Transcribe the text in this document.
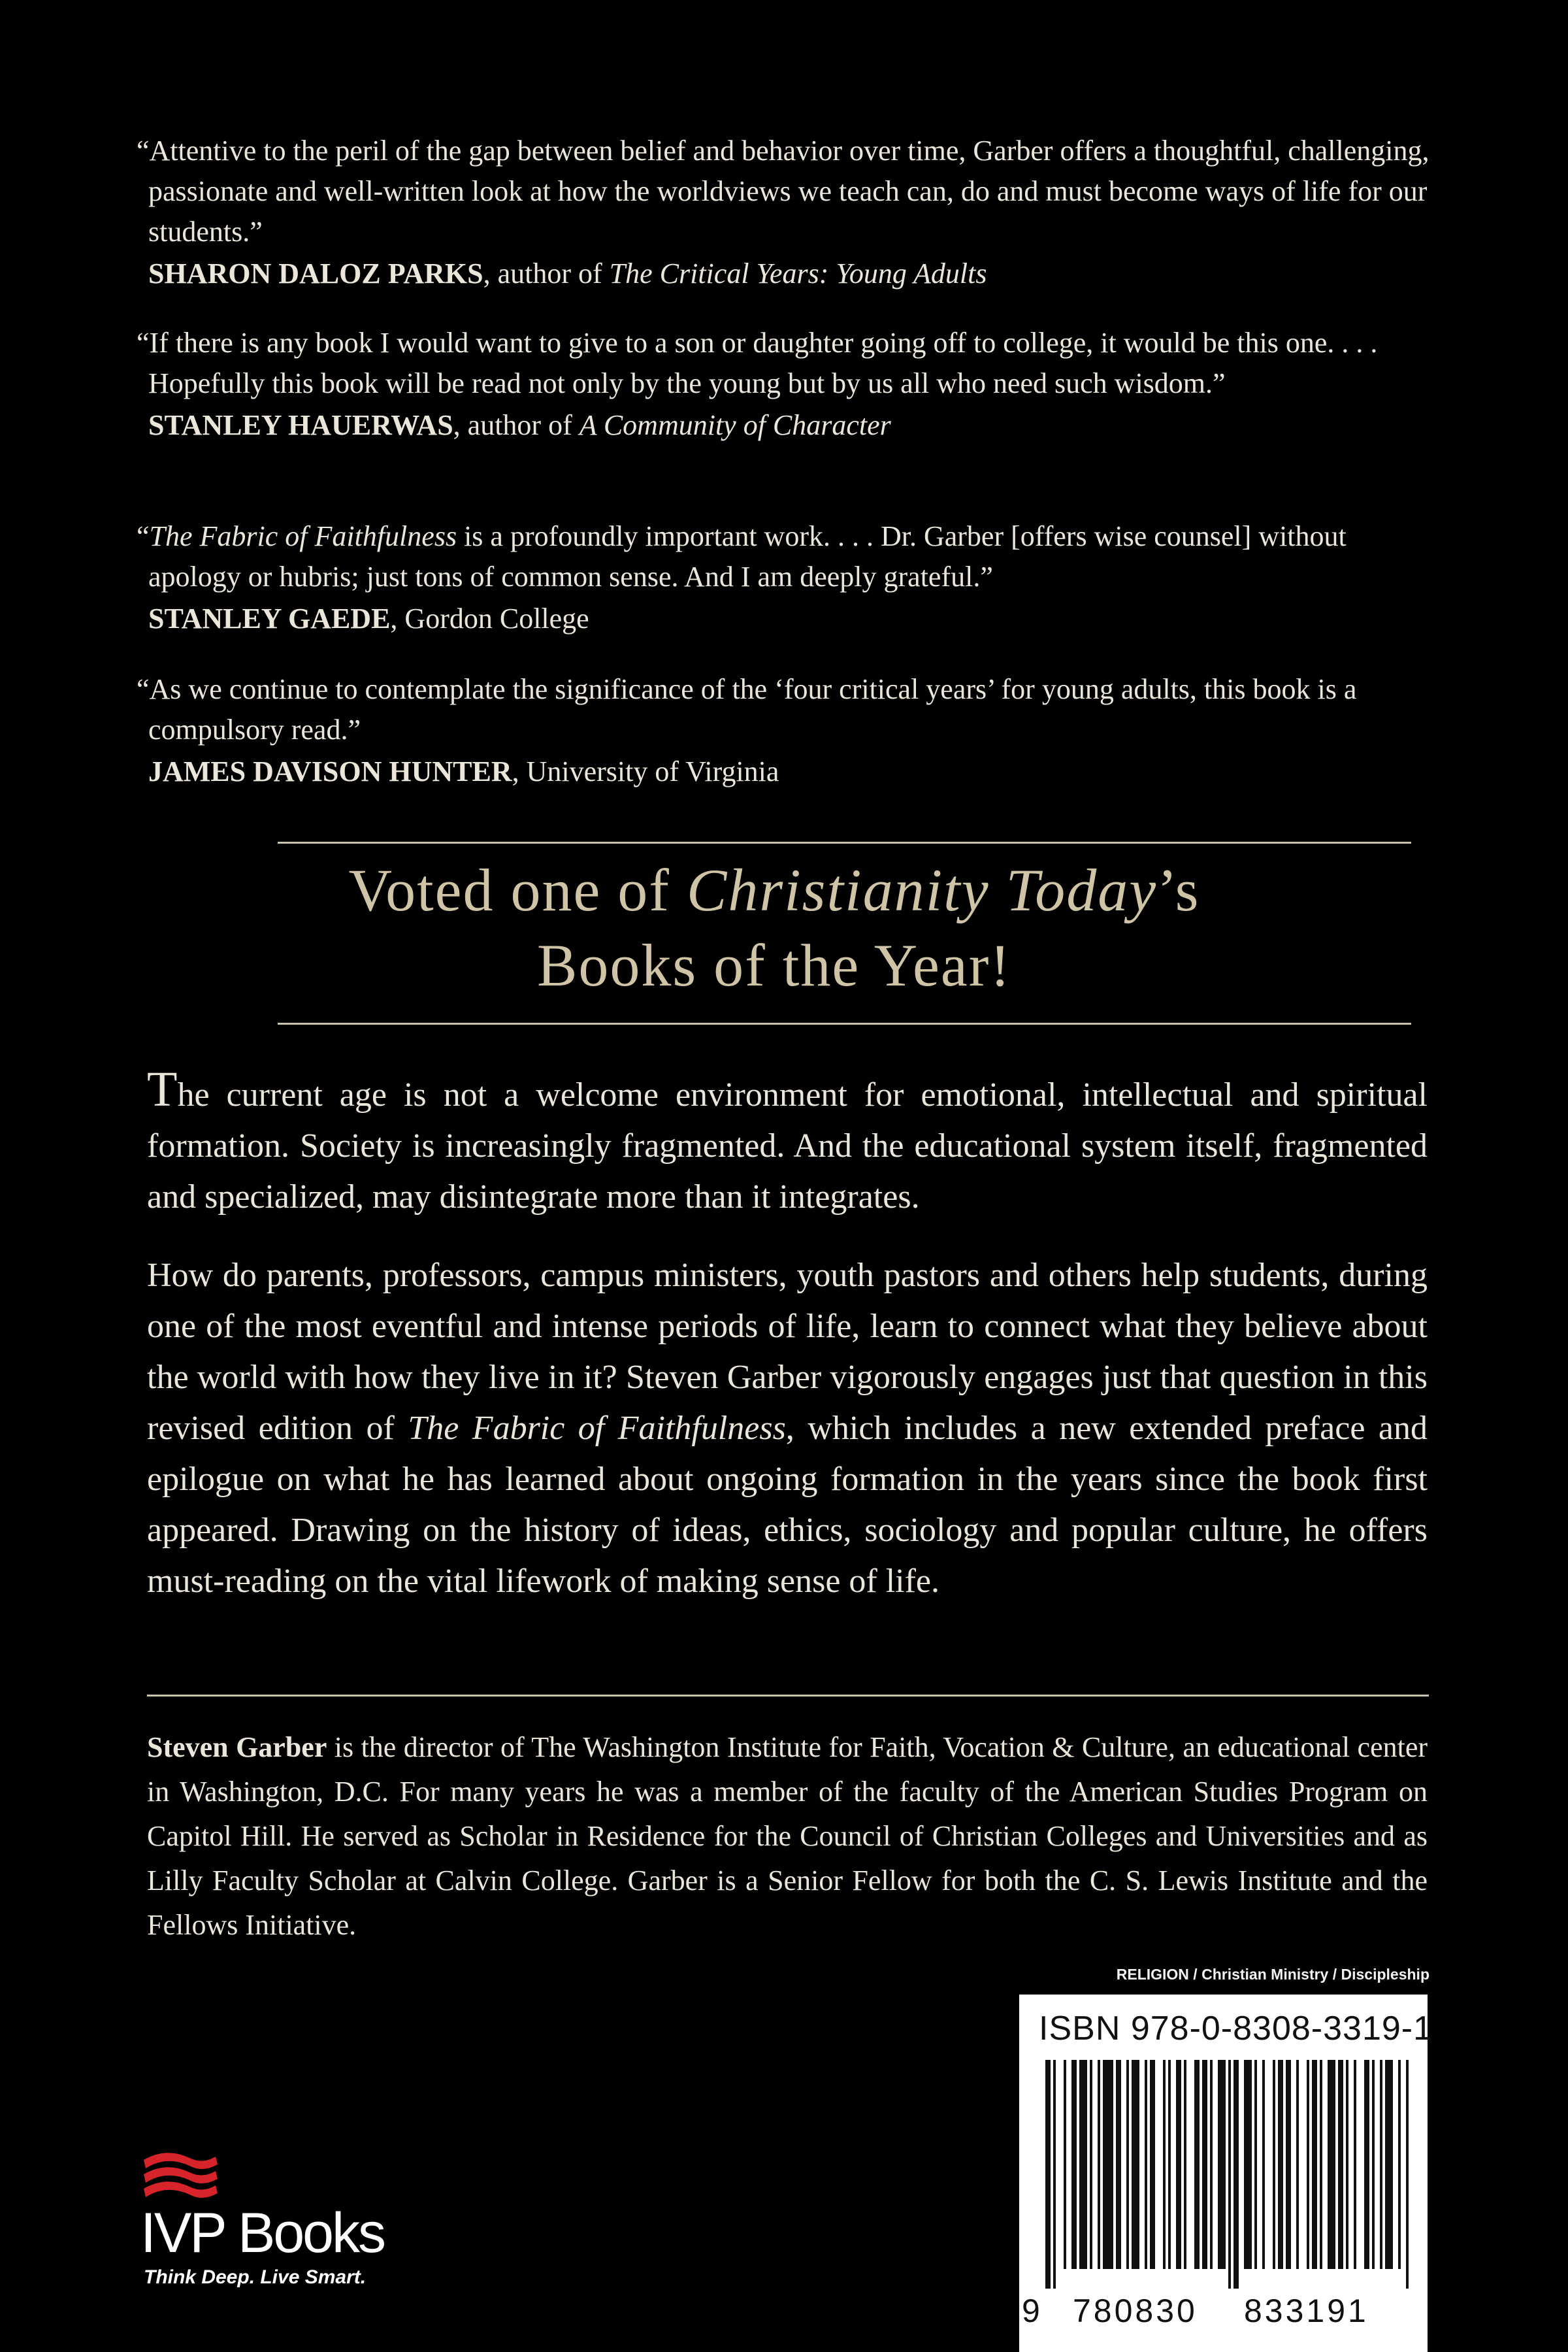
“Attentive to the peril of the gap between belief and behavior over time, Garber offers a thoughtful, challenging, passionate and well-written look at how the worldviews we teach can, do and must become ways of life for our students.”

SHARON DALOZ PARKS, author of The Critical Years: Young Adults

“If there is any book I would want to give to a son or daughter going off to college, it would be this one. . . . Hopefully this book will be read not only by the young but by us all who need such wisdom.”

STANLEY HAUERWAS, author of A Community of Character

“The Fabric of Faithfulness is a profoundly important work. . . . Dr. Garber [offers wise counsel] without apology or hubris; just tons of common sense. And I am deeply grateful.”

STANLEY GAEDE, Gordon College

“As we continue to contemplate the significance of the ‘four critical years’ for young adults, this book is a compulsory read.”

JAMES DAVISON HUNTER, University of Virginia

Voted one of Christianity Today’s
Books of the Year!

The current age is not a welcome environment for emotional, intellectual and spiritual formation. Society is increasingly fragmented. And the educational system itself, fragmented and specialized, may disintegrate more than it integrates.

How do parents, professors, campus ministers, youth pastors and others help students, during one of the most eventful and intense periods of life, learn to connect what they believe about the world with how they live in it? Steven Garber vigorously engages just that question in this revised edition of The Fabric of Faithfulness, which includes a new extended preface and epilogue on what he has learned about ongoing formation in the years since the book first appeared. Drawing on the history of ideas, ethics, sociology and popular culture, he offers must-reading on the vital lifework of making sense of life.

Steven Garber is the director of The Washington Institute for Faith, Vocation & Culture, an educational center in Washington, D.C. For many years he was a member of the faculty of the American Studies Program on Capitol Hill. He served as Scholar in Residence for the Council of Christian Colleges and Universities and as Lilly Faculty Scholar at Calvin College. Garber is a Senior Fellow for both the C. S. Lewis Institute and the Fellows Initiative.

RELIGION / Christian Ministry / Discipleship
ISBN 978-0-8308-3319-1
9 780830 833191
IVP Books
Think Deep. Live Smart.
